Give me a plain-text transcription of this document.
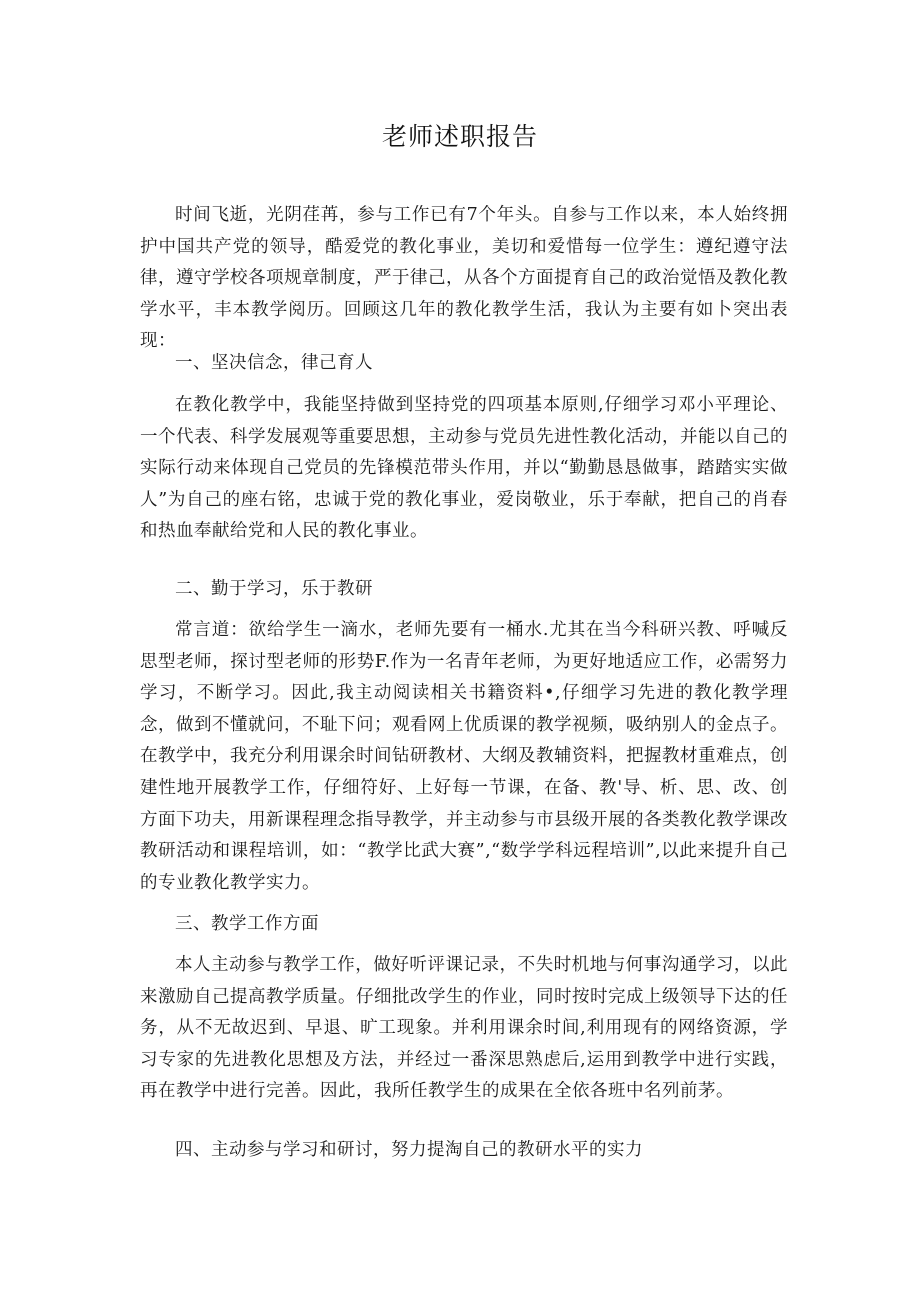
老师述职报告
时间飞逝，光阴荏苒，参与工作已有7个年头。自参与工作以来，本人始终拥护中国共产党的领导，酷爱党的教化事业，美切和爱惜每一位学生：遵纪遵守法律，遵守学校各项规章制度，严于律己，从各个方面提育自己的政治觉悟及教化教学水平，丰本教学阅历。回顾这几年的教化教学生活，我认为主要有如卜突出表现：
一、坚决信念，律己育人
在教化教学中，我能坚持做到坚持党的四项基本原则,仔细学习邓小平理论、一个代表、科学发展观等重要思想，主动参与党员先进性教化活动，并能以自己的实际行动来体现自己党员的先锋模范带头作用，并以“勤勤恳恳做事，踏踏实实做人”为自己的座右铭，忠诚于党的教化事业，爱岗敬业，乐于奉献，把自己的肖春和热血奉献给党和人民的教化事业。
二、勤于学习，乐于教研
常言道：欲给学生一滴水，老师先要有一桶水.尤其在当今科研兴教、呼喊反思型老师，探讨型老师的形势F.作为一名青年老师，为更好地适应工作，必需努力学习，不断学习。因此,我主动阅读相关书籍资料•,仔细学习先进的教化教学理念，做到不懂就问，不耻下问；观看网上优质课的教学视频，吸纳别人的金点子。在教学中，我充分利用课余时间钻研教材、大纲及教辅资料，把握教材重难点，创建性地开展教学工作，仔细符好、上好每一节课，在备、教'导、析、思、改、创方面下功夫，用新课程理念指导教学，并主动参与市县级开展的各类教化教学课改教研活动和课程培训，如：“教学比武大赛”,“数学学科远程培训”,以此来提升自己的专业教化教学实力。
三、教学工作方面
本人主动参与教学工作，做好听评课记录，不失时机地与何事沟通学习，以此来激励自己提高教学质量。仔细批改学生的作业，同时按时完成上级领导下达的任务，从不无故迟到、早退、旷工现象。并利用课余时间,利用现有的网络资源，学习专家的先进教化思想及方法，并经过一番深思熟虑后,运用到教学中进行实践，再在教学中进行完善。因此，我所任教学生的成果在全依各班中名列前茅。
四、主动参与学习和研讨，努力提淘自己的教研水平的实力
